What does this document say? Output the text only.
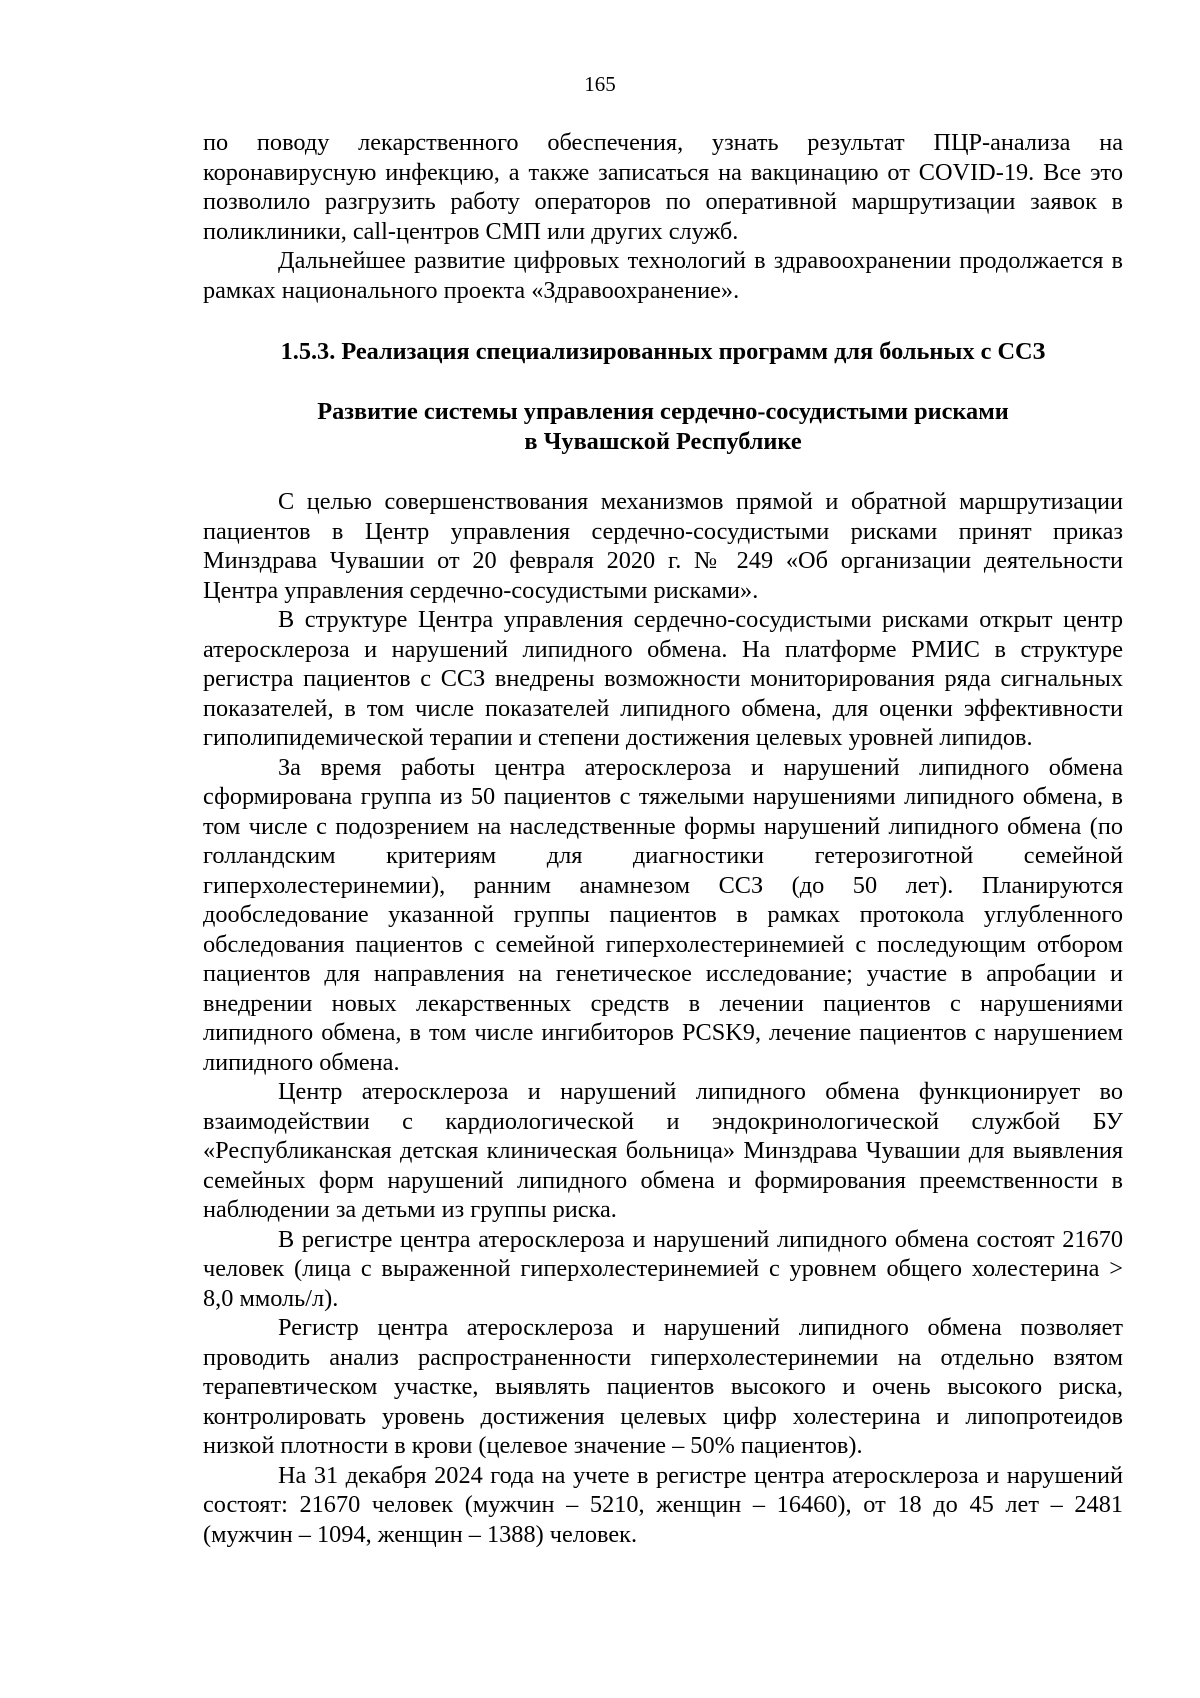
165

по поводу лекарственного обеспечения, узнать результат ПЦР-анализа на коронавирусную инфекцию, а также записаться на вакцинацию от COVID-19. Все это позволило разгрузить работу операторов по оперативной маршрутизации заявок в поликлиники, call-центров СМП или других служб.

Дальнейшее развитие цифровых технологий в здравоохранении продолжается в рамках национального проекта «Здравоохранение».

1.5.3. Реализация специализированных программ для больных с ССЗ
Развитие системы управления сердечно-сосудистыми рисками
в Чувашской Республике

С целью совершенствования механизмов прямой и обратной маршрутизации пациентов в Центр управления сердечно-сосудистыми рисками принят приказ Минздрава Чувашии от 20 февраля 2020 г. № 249 «Об организации деятельности Центра управления сердечно-сосудистыми рисками».

В структуре Центра управления сердечно-сосудистыми рисками открыт центр атеросклероза и нарушений липидного обмена. На платформе РМИС в структуре регистра пациентов с ССЗ внедрены возможности мониторирования ряда сигнальных показателей, в том числе показателей липидного обмена, для оценки эффективности гиполипидемической терапии и степени достижения целевых уровней липидов.

За время работы центра атеросклероза и нарушений липидного обмена сформирована группа из 50 пациентов с тяжелыми нарушениями липидного обмена, в том числе с подозрением на наследственные формы нарушений липидного обмена (по голландским критериям для диагностики гетерозиготной семейной гиперхолестеринемии), ранним анамнезом ССЗ (до 50 лет). Планируются дообследование указанной группы пациентов в рамках протокола углубленного обследования пациентов с семейной гиперхолестеринемией с последующим отбором пациентов для направления на генетическое исследование; участие в апробации и внедрении новых лекарственных средств в лечении пациентов с нарушениями липидного обмена, в том числе ингибиторов PCSK9, лечение пациентов с нарушением липидного обмена.

Центр атеросклероза и нарушений липидного обмена функционирует во взаимодействии с кардиологической и эндокринологической службой БУ «Республиканская детская клиническая больница» Минздрава Чувашии для выявления семейных форм нарушений липидного обмена и формирования преемственности в наблюдении за детьми из группы риска.

В регистре центра атеросклероза и нарушений липидного обмена состоят 21670 человек (лица с выраженной гиперхолестеринемией с уровнем общего холестерина > 8,0 ммоль/л).

Регистр центра атеросклероза и нарушений липидного обмена позволяет проводить анализ распространенности гиперхолестеринемии на отдельно взятом терапевтическом участке, выявлять пациентов высокого и очень высокого риска, контролировать уровень достижения целевых цифр холестерина и липопротеидов низкой плотности в крови (целевое значение – 50% пациентов).

На 31 декабря 2024 года на учете в регистре центра атеросклероза и нарушений состоят: 21670 человек (мужчин – 5210, женщин – 16460), от 18 до 45 лет – 2481 (мужчин – 1094, женщин – 1388) человек.
